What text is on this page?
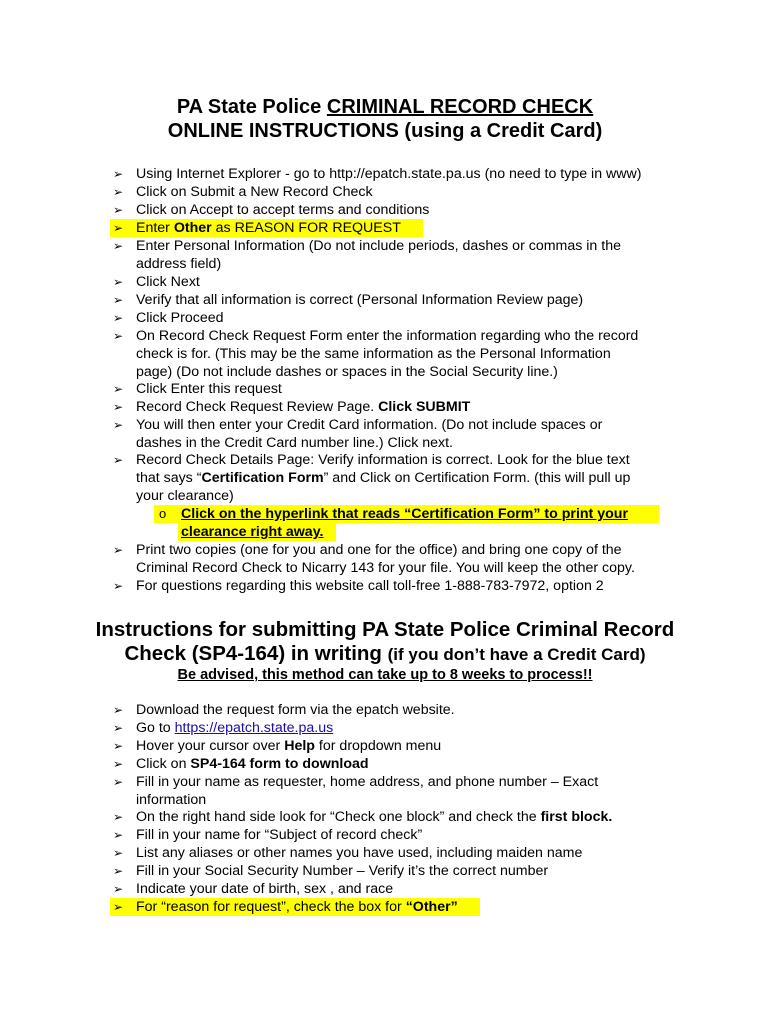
PA State Police CRIMINAL RECORD CHECK
ONLINE INSTRUCTIONS (using a Credit Card)
➢ Using Internet Explorer - go to http://epatch.state.pa.us (no need to type in www)
➢ Click on Submit a New Record Check
➢ Click on Accept to accept terms and conditions
➢ Enter Other as REASON FOR REQUEST
➢ Enter Personal Information (Do not include periods, dashes or commas in the
address field)
➢ Click Next
➢ Verify that all information is correct (Personal Information Review page)
➢ Click Proceed
➢ On Record Check Request Form enter the information regarding who the record
check is for. (This may be the same information as the Personal Information
page) (Do not include dashes or spaces in the Social Security line.)
➢ Click Enter this request
➢ Record Check Request Review Page. Click SUBMIT
➢ You will then enter your Credit Card information. (Do not include spaces or
dashes in the Credit Card number line.) Click next.
➢ Record Check Details Page: Verify information is correct. Look for the blue text
that says “Certification Form” and Click on Certification Form. (this will pull up
your clearance)
o Click on the hyperlink that reads “Certification Form” to print your
clearance right away.
➢ Print two copies (one for you and one for the office) and bring one copy of the
Criminal Record Check to Nicarry 143 for your file. You will keep the other copy.
➢ For questions regarding this website call toll-free 1-888-783-7972, option 2
Instructions for submitting PA State Police Criminal Record
Check (SP4-164) in writing (if you don’t have a Credit Card)
Be advised, this method can take up to 8 weeks to process!!
➢ Download the request form via the epatch website.
➢ Go to https://epatch.state.pa.us
➢ Hover your cursor over Help for dropdown menu
➢ Click on SP4-164 form to download
➢ Fill in your name as requester, home address, and phone number – Exact
information
➢ On the right hand side look for “Check one block” and check the first block.
➢ Fill in your name for “Subject of record check”
➢ List any aliases or other names you have used, including maiden name
➢ Fill in your Social Security Number – Verify it’s the correct number
➢ Indicate your date of birth, sex , and race
➢ For “reason for request”, check the box for “Other”
